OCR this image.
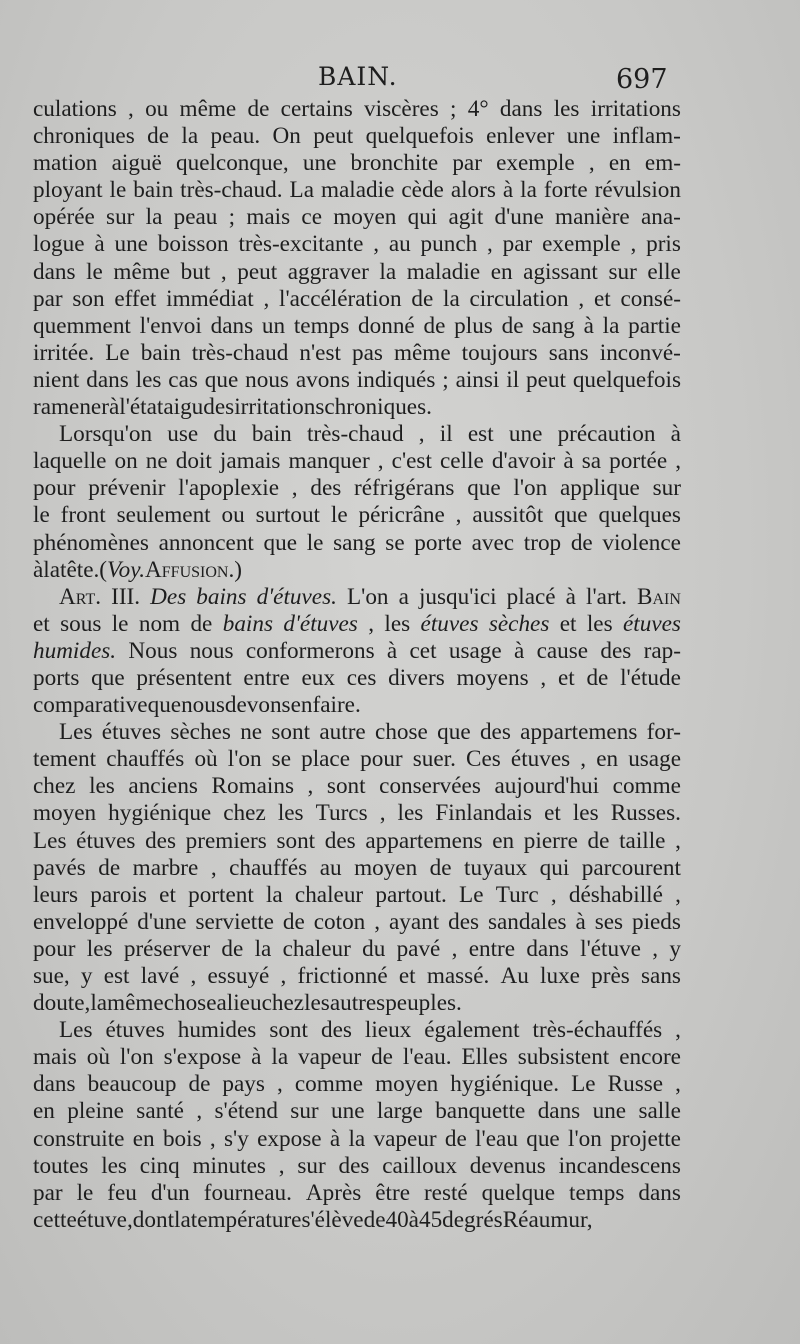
BAIN.	697
culations , ou même de certains viscères ; 4° dans les irritations
chroniques de la peau. On peut quelquefois enlever une inflam-
mation aiguë quelconque, une bronchite par exemple , en em-
ployant le bain très-chaud. La maladie cède alors à la forte révulsion
opérée sur la peau ; mais ce moyen qui agit d'une manière ana-
logue à une boisson très-excitante , au punch , par exemple , pris
dans le même but , peut aggraver la maladie en agissant sur elle
par son effet immédiat , l'accélération de la circulation , et consé-
quemment l'envoi dans un temps donné de plus de sang à la partie
irritée. Le bain très-chaud n'est pas même toujours sans inconvé-
nient dans les cas que nous avons indiqués ; ainsi il peut quelquefois
ramener à l'état aigu des irritations chroniques.
Lorsqu'on use du bain très-chaud , il est une précaution à
laquelle on ne doit jamais manquer , c'est celle d'avoir à sa portée ,
pour prévenir l'apoplexie , des réfrigérans que l'on applique sur
le front seulement ou surtout le péricrâne , aussitôt que quelques
phénomènes annoncent que le sang se porte avec trop de violence
à la tête. ( Voy. Affusion. )
Art. III. Des bains d'étuves. L'on a jusqu'ici placé à l'art. Bain
et sous le nom de bains d'étuves , les étuves sèches et les étuves
humides. Nous nous conformerons à cet usage à cause des rap-
ports que présentent entre eux ces divers moyens , et de l'étude
comparative que nous devons en faire.
Les étuves sèches ne sont autre chose que des appartemens for-
tement chauffés où l'on se place pour suer. Ces étuves , en usage
chez les anciens Romains , sont conservées aujourd'hui comme
moyen hygiénique chez les Turcs , les Finlandais et les Russes.
Les étuves des premiers sont des appartemens en pierre de taille ,
pavés de marbre , chauffés au moyen de tuyaux qui parcourent
leurs parois et portent la chaleur partout. Le Turc , déshabillé ,
enveloppé d'une serviette de coton , ayant des sandales à ses pieds
pour les préserver de la chaleur du pavé , entre dans l'étuve , y
sue, y est lavé , essuyé , frictionné et massé. Au luxe près sans
doute , la même chose a lieu chez les autres peuples.
Les étuves humides sont des lieux également très-échauffés ,
mais où l'on s'expose à la vapeur de l'eau. Elles subsistent encore
dans beaucoup de pays , comme moyen hygiénique. Le Russe ,
en pleine santé , s'étend sur une large banquette dans une salle
construite en bois , s'y expose à la vapeur de l'eau que l'on projette
toutes les cinq minutes , sur des cailloux devenus incandescens
par le feu d'un fourneau. Après être resté quelque temps dans
cette étuve, dont la température s'élève de 40 à 45 degrés Réaumur,
